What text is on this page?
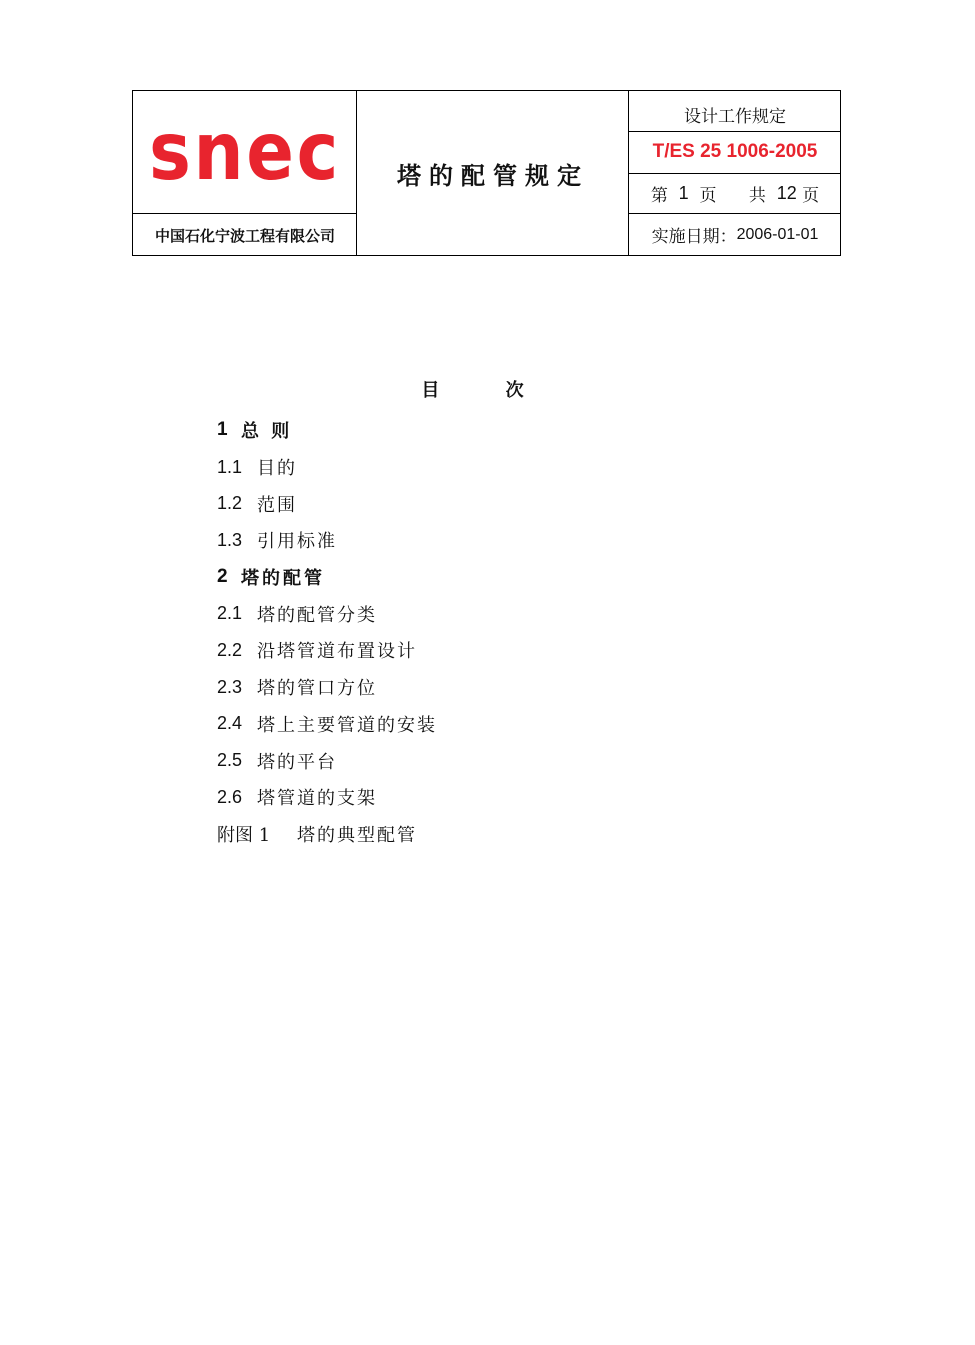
snec
中国石化宁波工程有限公司
塔的配管规定
设计工作规定
T/ES 25 1006-2005
第
1
页
共
12
页
实施日期： 2006-01-01
目 次
1 总 则
1.1 目的
1.2 范围
1.3 引用标准
2 塔的配管
2.1 塔的配管分类
2.2 沿塔管道布置设计
2.3 塔的管口方位
2.4 塔上主要管道的安装
2.5 塔的平台
2.6 塔管道的支架
附图 1	塔的典型配管
